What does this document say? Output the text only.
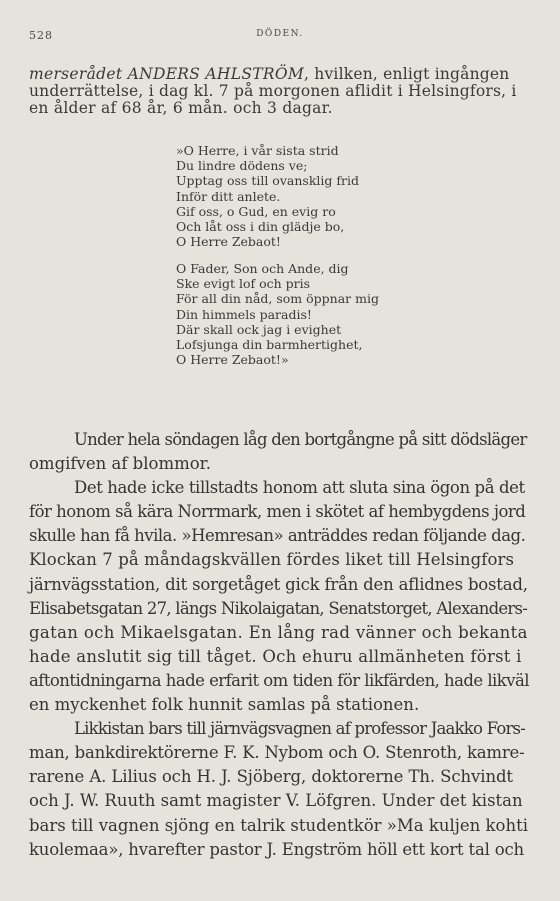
528	DÖDEN.

merserådet ANDERS AHLSTRÖM, hvilken, enligt ingången

underrättelse, i dag kl. 7 på morgonen aflidit i Helsingfors, i

en ålder af 68 år, 6 mån. och 3 dagar.

»O Herre, i vår sista strid

Du lindre dödens ve;

Upptag oss till ovansklig frid

Inför ditt anlete.

Gif oss, o Gud, en evig ro

Och låt oss i din glädje bo,

O Herre Zebaot!

O Fader, Son och Ande, dig

Ske evigt lof och pris

För all din nåd, som öppnar mig

Din himmels paradis!

Där skall ock jag i evighet

Lofsjunga din barmhertighet,

O Herre Zebaot!»

Under hela söndagen låg den bortgångne på sitt dödsläger

omgifven af blommor.

Det hade icke tillstadts honom att sluta sina ögon på det

för honom så kära Norrmark, men i skötet af hembygdens jord

skulle han få hvila. »Hemresan» anträddes redan följande dag.

Klockan 7 på måndagskvällen fördes liket till Helsingfors

järnvägsstation, dit sorgetåget gick från den aflidnes bostad,

Elisabetsgatan 27, längs Nikolaigatan, Senatstorget, Alexanders-

gatan och Mikaelsgatan. En lång rad vänner och bekanta

hade anslutit sig till tåget. Och ehuru allmänheten först i

aftontidningarna hade erfarit om tiden för likfärden, hade likväl

en myckenhet folk hunnit samlas på stationen.

Likkistan bars till järnvägsvagnen af professor Jaakko Fors-

man, bankdirektörerne F. K. Nybom och O. Stenroth, kamre-

rarene A. Lilius och H. J. Sjöberg, doktorerne Th. Schvindt

och J. W. Ruuth samt magister V. Löfgren. Under det kistan

bars till vagnen sjöng en talrik studentkör »Ma kuljen kohti

kuolemaa», hvarefter pastor J. Engström höll ett kort tal och
